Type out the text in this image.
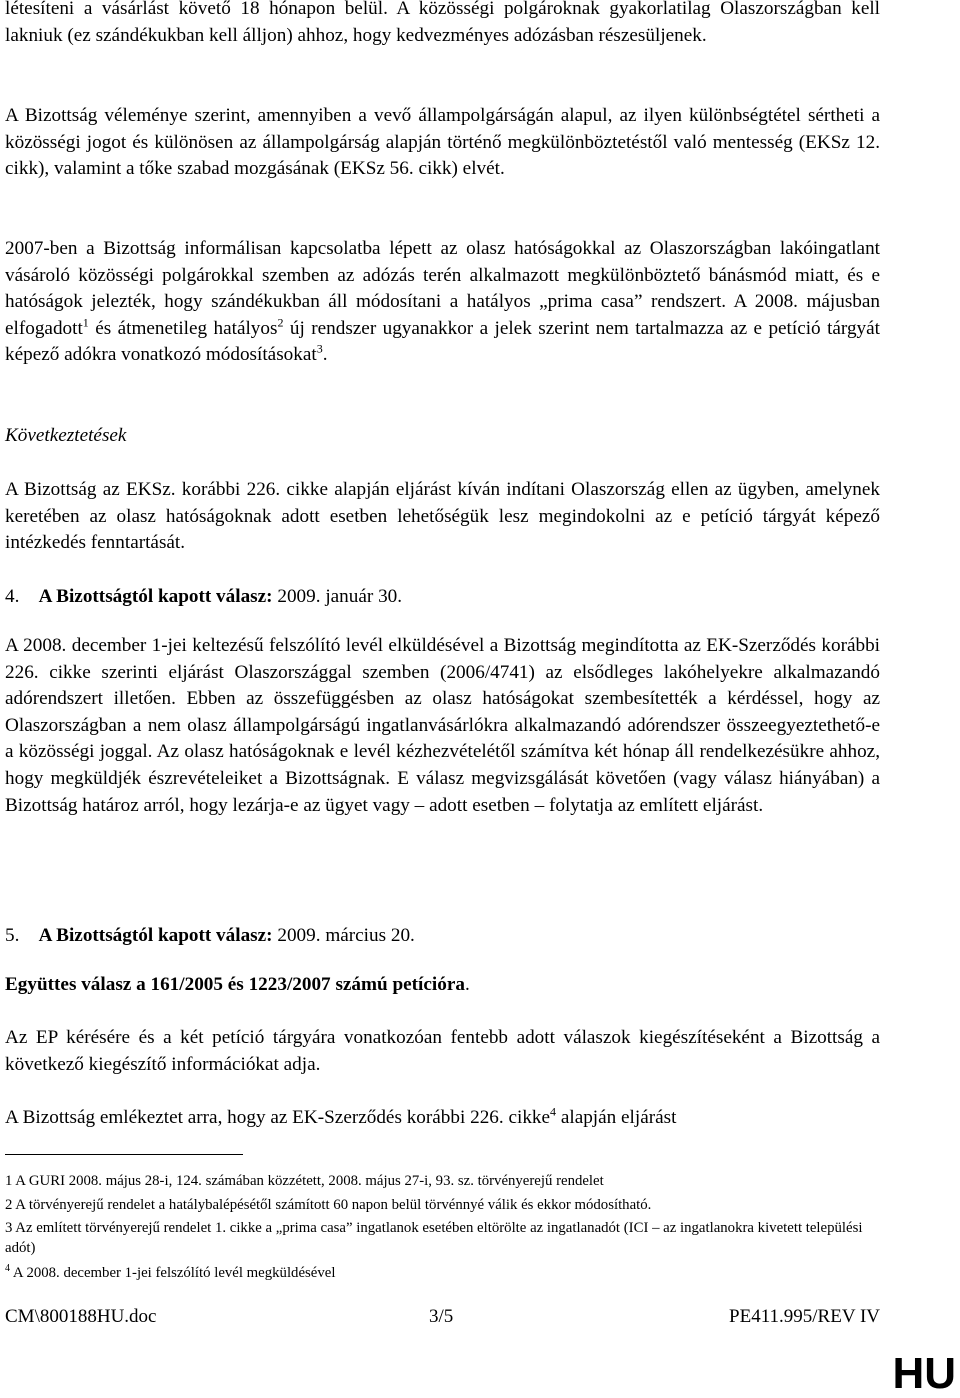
létesíteni a vásárlást követő 18 hónapon belül. A közösségi polgároknak gyakorlatilag Olaszországban kell lakniuk (ez szándékukban kell álljon) ahhoz, hogy kedvezményes adózásban részesüljenek.

A Bizottság véleménye szerint, amennyiben a vevő állampolgárságán alapul, az ilyen különbségtétel sértheti a közösségi jogot és különösen az állampolgárság alapján történő megkülönböztetéstől való mentesség (EKSz 12. cikk), valamint a tőke szabad mozgásának (EKSz 56. cikk) elvét.

2007-ben a Bizottság informálisan kapcsolatba lépett az olasz hatóságokkal az Olaszországban lakóingatlant vásároló közösségi polgárokkal szemben az adózás terén alkalmazott megkülönböztető bánásmód miatt, és e hatóságok jelezték, hogy szándékukban áll módosítani a hatályos „prima casa” rendszert. A 2008. májusban elfogadott$^1$ és átmenetileg hatályos$^2$ új rendszer ugyanakkor a jelek szerint nem tartalmazza az e petíció tárgyát képező adókra vonatkozó módosításokat$^3$.

Következtetések

A Bizottság az EKSz. korábbi 226. cikke alapján eljárást kíván indítani Olaszország ellen az ügyben, amelynek keretében az olasz hatóságoknak adott esetben lehetőségük lesz megindokolni az e petíció tárgyát képező intézkedés fenntartását.

4. A Bizottságtól kapott válasz: 2009. január 30.

A 2008. december 1-jei keltezésű felszólító levél elküldésével a Bizottság megindította az EK-Szerződés korábbi 226. cikke szerinti eljárást Olaszországgal szemben (2006/4741) az elsődleges lakóhelyekre alkalmazandó adórendszert illetően. Ebben az összefüggésben az olasz hatóságokat szembesítették a kérdéssel, hogy az Olaszországban a nem olasz állampolgárságú ingatlanvásárlókra alkalmazandó adórendszer összeegyeztethető-e a közösségi joggal. Az olasz hatóságoknak e levél kézhezvételétől számítva két hónap áll rendelkezésükre ahhoz, hogy megküldjék észrevételeiket a Bizottságnak. E válasz megvizsgálását követően (vagy válasz hiányában) a Bizottság határoz arról, hogy lezárja-e az ügyet vagy – adott esetben – folytatja az említett eljárást.

5. A Bizottságtól kapott válasz: 2009. március 20.

Együttes válasz a 161/2005 és 1223/2007 számú petícióra.

Az EP kérésére és a két petíció tárgyára vonatkozóan fentebb adott válaszok kiegészítéseként a Bizottság a következő kiegészítő információkat adja.

A Bizottság emlékeztet arra, hogy az EK-Szerződés korábbi 226. cikke$^4$ alapján eljárást

1 A GURI 2008. május 28-i, 124. számában közzétett, 2008. május 27-i, 93. sz. törvényerejű rendelet

2 A törvényerejű rendelet a hatálybalépésétől számított 60 napon belül törvénnyé válik és ekkor módosítható.

3 Az említett törvényerejű rendelet 1. cikke a „prima casa” ingatlanok esetében eltörölte az ingatlanadót (ICI – az ingatlanokra kivetett települési adót)

$^4$ A 2008. december 1-jei felszólító levél megküldésével

CM\800188HU.doc	3/5	PE411.995/REV IV
HU
